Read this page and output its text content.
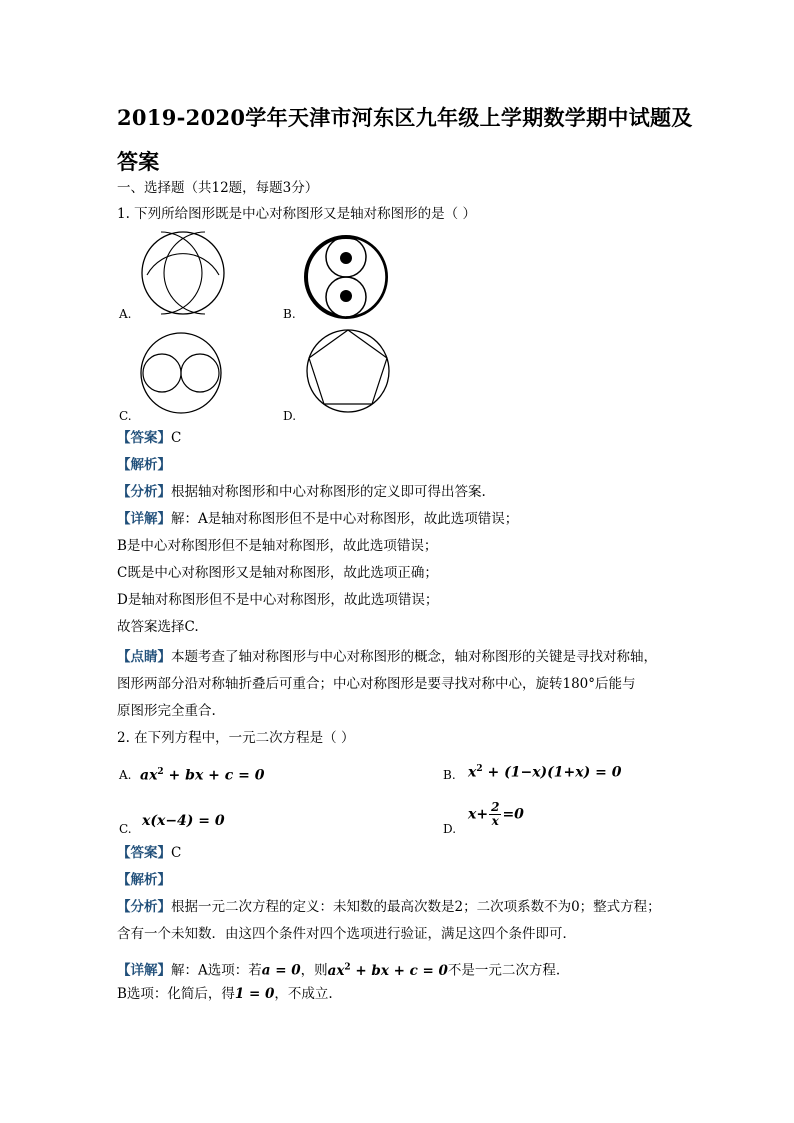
2019-2020学年天津市河东区九年级上学期数学期中试题及答案
一、选择题（共12题，每题3分）
1. 下列所给图形既是中心对称图形又是轴对称图形的是（ ）
A.	B.
C.	D.
【答案】C
【解析】
【分析】根据轴对称图形和中心对称图形的定义即可得出答案.
【详解】解：A是轴对称图形但不是中心对称图形，故此选项错误；
B是中心对称图形但不是轴对称图形，故此选项错误；
C既是中心对称图形又是轴对称图形，故此选项正确；
D是轴对称图形但不是中心对称图形，故此选项错误；
故答案选择C.
【点睛】本题考查了轴对称图形与中心对称图形的概念，轴对称图形的关键是寻找对称轴，
图形两部分沿对称轴折叠后可重合；中心对称图形是要寻找对称中心，旋转180°后能与
原图形完全重合.
2. 在下列方程中，一元二次方程是（ ）
A. $ax^2$ + bx + c = 0	B. $x^2 + (1-x)(1+x) = 0$
C. x(x−4) = 0	D.
$x+ \frac{2}{x} =0$
【答案】C
【解析】
【分析】根据一元二次方程的定义：未知数的最高次数是2；二次项系数不为0；整式方程；
含有一个未知数．由这四个条件对四个选项进行验证，满足这四个条件即可．
【详解】解：A选项：若a = 0，则$ax^2$ + bx + c = 0不是一元二次方程.
B选项：化简后，得1 = 0，不成立.
